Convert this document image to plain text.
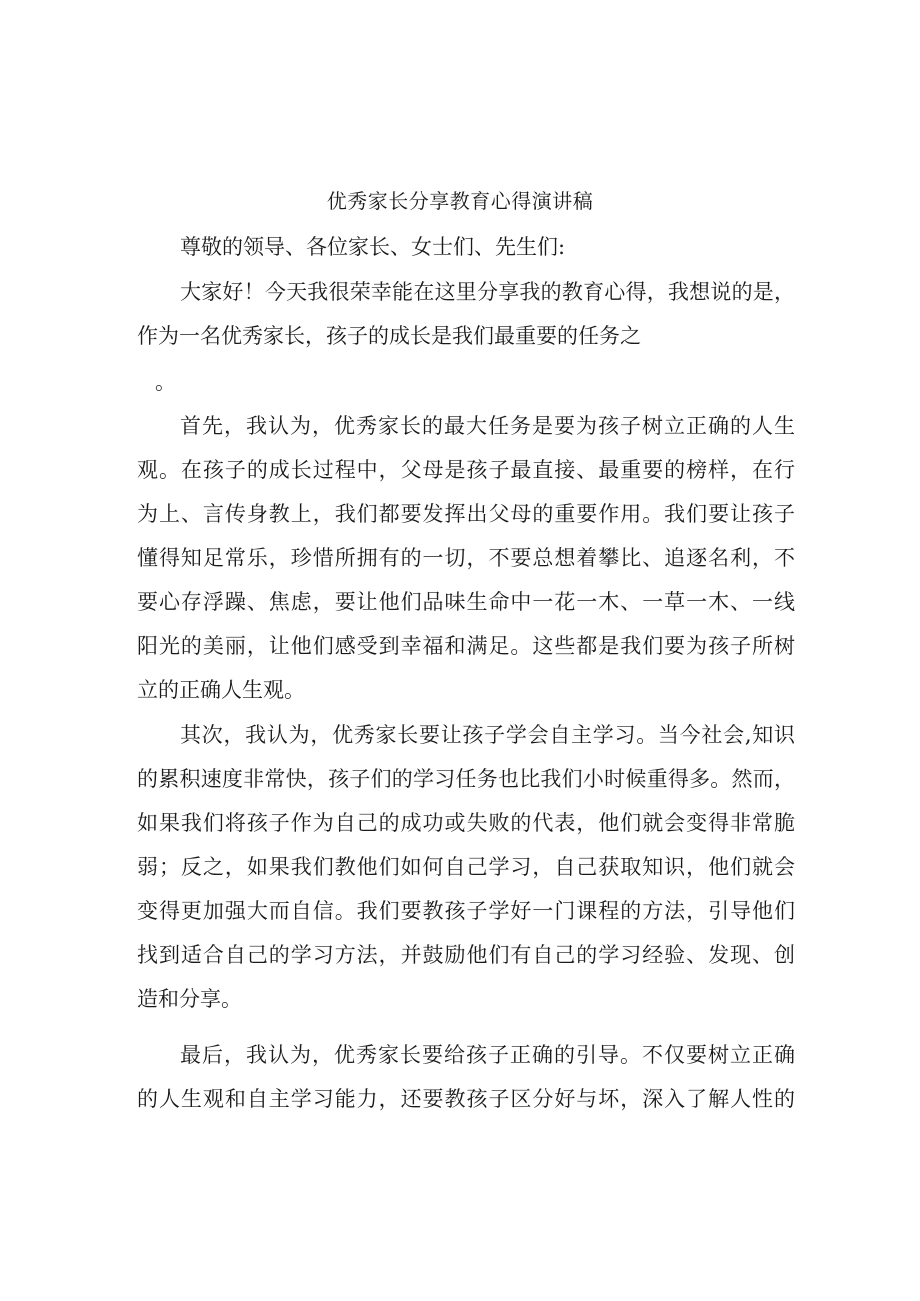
优秀家长分享教育心得演讲稿
尊敬的领导、各位家长、女士们、先生们:
大家好！今天我很荣幸能在这里分享我的教育心得，我想说的是，
作为一名优秀家长，孩子的成长是我们最重要的任务之
。
首先，我认为，优秀家长的最大任务是要为孩子树立正确的人生
观。在孩子的成长过程中，父母是孩子最直接、最重要的榜样，在行
为上、言传身教上，我们都要发挥出父母的重要作用。我们要让孩子
懂得知足常乐，珍惜所拥有的一切，不要总想着攀比、追逐名利，不
要心存浮躁、焦虑，要让他们品味生命中一花一木、一草一木、一线
阳光的美丽，让他们感受到幸福和满足。这些都是我们要为孩子所树
立的正确人生观。
其次，我认为，优秀家长要让孩子学会自主学习。当今社会,知识
的累积速度非常快，孩子们的学习任务也比我们小时候重得多。然而，
如果我们将孩子作为自己的成功或失败的代表，他们就会变得非常脆
弱；反之，如果我们教他们如何自己学习，自己获取知识，他们就会
变得更加强大而自信。我们要教孩子学好一门课程的方法，引导他们
找到适合自己的学习方法，并鼓励他们有自己的学习经验、发现、创
造和分享。
最后，我认为，优秀家长要给孩子正确的引导。不仅要树立正确
的人生观和自主学习能力，还要教孩子区分好与坏，深入了解人性的
